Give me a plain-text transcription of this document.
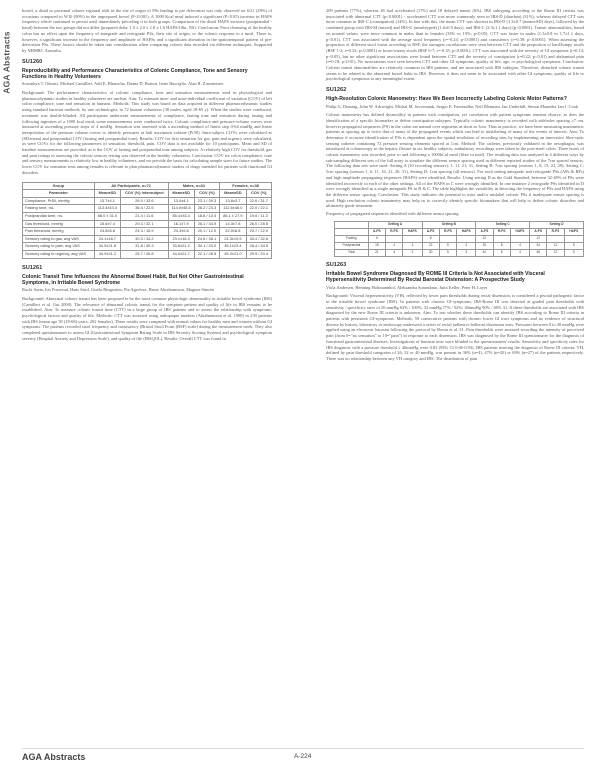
AGA Abstracts

bowel, a distal to proximal colonic regional shift in the site of origin of PSs leading to pre defecation was only observed on 6/21 (28%) of occasions compared to W10 (90%) in the unprepared bowel (P<0.001). A 1000 Kcal meal induced a significant (P<0.05) increase in HAPS frequency which continued to persist until immediately preceding it in both groups. Comparison of the distal HAPS increase (postprandial - basal) between the two groups did not differ (prepared delta: 1.9 ± 2.0 v 2.8 ± 1.6 HAPS/10hr, NS). Conclusion: Prior cleansing of the healthy colon has no effect upon the frequency of antegrade and retrograde PSs, their site of origin, or the colonic response to a meal. There is, however, a significant increase in the frequency and amplitude of HAPSs and a significant alteration in the spatiotemporal pattern of pre-defecation PSs. These factors should be taken into consideration when comparing colonic data recorded via different techniques. Supported by NHMRC Australia.

SU1260
Reproducibility and Performance Characteristics of Colonic Compliance, Tone and Sensory Functions in Healthy Volunteers
Sowmhya T. Odunsi, Michael Camilleri, Adil E. Bharucha, Duane D. Burton, Irene Busciglio, Alan R. Zinsmeister

Background: The performance characteristics of colonic compliance, tone and sensation measurements used in physiological and pharmacodynamic studies in healthy volunteers are unclear. Aim: To estimate inter- and intra-individual coefficient of variation (COV) of left colon compliance, tone and sensation in humans. Methods: This study was based on data acquired in different pharmacodynamic studies using standard barostat methods, by one technologist, in 72 human volunteers (38 males, aged 18-65 y). When the studies were conducted, treatment was double-blinded. All participants underwent measurements of compliance, fasting tone and sensation during fasting and following ingestion of a 1000 kcal meal; some measurements were conducted twice. Colonic compliance and pressure-volume curves were measured at ascending pressure steps of 4 mmHg. Sensation was assessed with a ascending method of limits step 0-64 mmHg and linear interpolation of the pressure volume curves to identify pressures at half maximum volume (Pr50). Intra-subject COVs were calculated as (SD/mean) and postprandial COV (fasting and postprandial tone). Results: COV for first sensation for gas, pain and urgency were calculated, as were COVs for the following parameters of sensation: threshold, pain, COV data is not available for 10 participants. Mean and SD of baseline measurements are provided, as is the COV of fasting and postprandial tone among subjects. A relatively high COV for threshold, gas and pain ratings in assessing the colonic sensory testing was observed in the healthy volunteers. Conclusion: COV for colon compliance, tone and sensory measurements is relatively low in healthy volunteers, and we provide the basis for calculating sample sizes for future studies. The lower COV for sensation tests among females is relevant to plan pharmacodynamic studies of drugs intended for patients with functional GI disorders.

Group	All Participants, n=72		Males, n=34		Females, n=38	
Parameter	Mean±SD	COV (%) intersubject	Mean±SD	COV (%)	Mean±SD	COV (%)
Compliance, Pr50, mmHg	13.7±4.1	26.0 / 33.6	13.4±4.1	23.1 / 39.3	13.6±3.7	22.6 / 31.7
Fasting tone, mL	113.4±43.4	36.4 / 22.5	114.0±45.5	28.2 / 23.3	112.6±46.0	22.0 / 22.1
Postprandial tone, mL	86.0 ± 31.0	21.4 / 11.6	85.4±33.4	18.8 / 13.4	86.1 ± 27.9	19.6 / 11.3
Gas threshold, mmHg	15.6±7.4	29.3 / 32.1	16.1±7.9	26.1 / 34.9	14.3±7.8	26.0 / 28.5
Pain threshold, mmHg	24.8±8.8	24.3 / 15.9	24.3±9.8	20.1 / 12.0	22.0±8.8	23.7 / 22.0
Sensory rating to gas, avg VAS	24.1±18.7	30.3 / 34.2	23.1±16.3	24.6 / 36.1	24.3±19.5	33.4 / 32.6
Sensory rating to pain, avg VAS	34.5±21.8	31.8 / 35.3	33.8±21.2	34.1 / 33.0	35.1±23.4	28.4 / 34.5
Sensory rating to urgency, avg VAS	44.9±21.2	25.7 / 26.8	44.5±21.7	22.1 / 28.5	45.3±21.0	29.9 / 20.4
SU1261
Colonic Transit Time Influences the Abnormal Bowel Habit, But Not Other Gastrointestinal Symptoms, in Irritable Bowel Syndrome
Ruchi Sarin, Iris Posserud, Hans Strid, Gisela Ringström, Pia Agerforz, Hasse Abrahamsson, Magnus Simrén

Background: Abnormal colonic transit has been proposed to be the most common physiologic abnormality in irritable bowel syndrome (IBS) (Camilleri et al. Gut 2008). The relevance of abnormal colonic transit for the symptom pattern and quality of life in IBS remains to be established. Aim: To measure colonic transit time (CTT) in a large group of IBS patients and to assess the relationship with symptoms, psychological factors and quality of life. Methods: CTT was assessed using radiopaque markers (Abrahamsson et al. 1988) in 239 patients with IBS (mean age 39 (18-68) years; 202 females). These results were compared with normal values for healthy men and women without GI symptoms. The patients recorded stool frequency and consistency (Bristol Stool Form (BSF) scale) during the measurement week. They also completed questionnaires to assess GI (Gastrointestinal Symptom Rating Scale in IBS Severity Scoring System) and psychological symptom severity (Hospital Anxiety and Depression Scale), and quality of life (IBSQOL). Results: Overall CTT was found in

209 patients (77%), whereas 46 had accelerated (17%) and 18 delayed transit (6%). IBS subtyping according to the Rome III criteria was associated with abnormal CTT (p<0.0001) - accelerated CTT was more commonly seen in IBS-D (diarrhea) (31%), whereas delayed CTT was more common in IBS-C (constipation) (14%). In line with this, the mean CTT was shortest in IBS-D (1.3±0.7 (mean±SD) days), followed by the combined group with IBS-M (mixed) and IBS-U (unsubtyped) (1.6±0.9 days), and IBS-C (2.3±1.1 days) (p<0.0001). Transit abnormalities, based on normal values, were more common in males than in females (33% vs 19%; p<0.05). CTT was faster in males (1.3±0.8 vs 1.7±1.1 days, p<0.01). CTT was associated with the average stool frequency (r=-0.24; p<0.0001) and consistency (r=0.39; p<0.0001). When assessing the proportion of different stool forms according to BSF, the strongest correlations were seen between CTT and the proportion of hard/lumpy stools (BSF 1-2; r=0.32; p<0.0001) or loose/watery stools (BSF 6-7; r=-0.35; p<0.0001). CTT was associated with the severity of GI symptoms (r=0.14; p<0.05), but no other significant associations were found between CTT and the severity of constipation (r=0.22; p<0.01) and abdominal pain (r=0.18; p<0.01). No associations were seen between CTT and other GI symptoms, quality of life, age, or psychological symptoms. Conclusion: Colonic transit abnormalities are relatively common in IBS patients, and are associated with IBS subtypes. Therefore, disturbed colonic transit seems to be related to the abnormal bowel habit in IBS. However, it does not seem to be associated with other GI symptoms, quality of life or psychological symptoms to any meaningful extent.

SU1262
High-Resolution Colonic Manometry: Have We Been Incorrectly Labeling Colonic Motor Patterns?
Philip G. Dinning, John W. Arkwright, Michal M. Szczesniak, Sergio E. Fuentealba, Neil Blenman, Ian Underhill, Simon Maunder, Ian J. Cook

Colonic manometry has defined dysmotility in patients with constipation, yet correlation with patient symptoms remains elusive, as does the identification of a specific biomarker to define constipation subtypes. Typically colonic manometry is recorded with sideholes spacing ≥7 cm, however propagated sequences (PS) in the colon are natural over segments as short as 3cm. Thus in practice, we have been measuring manometric patterns at spacing up to twice that of many of the propagated events which can lead to mislabeling of many of the events of interest. Aim: To determine if accurate identification of PSs is dependent upon the spatial-resolution of recording sites by implementing an innovative fibre-optic sensing catheter containing 72 pressure sensing elements spaced at 1cm. Method: The catheter, previously validated in the oesophagus, was introduced at colonoscopy to the hepatic flexure in six healthy subjects; ambulatory recordings were taken in the post-meal colon. Three hours of colonic manometry was recorded, prior to and following a 1000kCal meal (fibre in total). The resulting data was analyzed in 4 different ways by sub-sampling different sets of the full array to simulate the different sensor spacing used in different reported studies of the 7cm spaced sensors. The following data sets were used: Setting A (10 recording sensors): 1, 11, 21, 31, Setting B: 7cm spacing (sensors 1, 8, 15, 22, 29), Setting C: 5cm spacing (sensors 1, 6, 11, 16, 21, 26, 31), Setting D: 1cm spacing (all sensors). For each setting antegrade and retrograde PSs (APs & RPs) and high amplitude propagating sequences (HAPS) were identified. Results: Using setting D as the Gold Standard, between 32-48% of PSs were identified incorrectly in each of the other settings. All of the HAPS in C were wrongly identified. In one instance 2 retrograde PSs identified in D were wrongly identified as a single antegrade PS in B & C. The table highlights the variability in detecting the frequency of PSs and HAPS using the different sensor spacing. Conclusion: This study indicates the potential to miss and/or mislabel colonic PSs if inadequate sensor spacing is used. High resolution colonic manometry may help us to correctly identify specific biomarkers that will help to define colonic disorders and ultimately guide treatment.

Frequency of propagated sequences identified with different sensor spacing

	Setting A			Setting B			Setting C			Setting D		
	A-PS	R-PS	HAPS	A-PS	R-PS	HAPS	A-PS	R-PS	HAPS	A-PS	R-PS	HAPS
Fasting	6			8			12			12		
Postprandial	15	4	3	22	5	3	30	8	4	34	12	5
Total	21	4	3	30	5	3	42	8	4	46	12	5
SU1263
Irritable Bowel Syndrome Diagnosed By ROME III Criteria Is Not Associated with Visceral Hypersensitivity Determined By Rectal Barostat Distension: A Prospective Study
Viola Andresen, Henning Holtmannhof, Aleksandra Sorundano, Jutta Keller, Peter H. Layer

Background: Visceral hypersensitivity (VH), reflected by lower pain thresholds during rectal distension, is considered a pivotal pathogenic factor in the irritable bowel syndrome (IBS). In patients with chronic GI-symptoms, IBS-Rome III was detected at graded pain thresholds with sensitivity / specificity rates of 26 mmHg 63% / 100%; 32 mmHg 77% / 92%; 40mmHg 90% / 60% 31. If these thresholds are associated with IBS diagnosed by the new Rome III criteria is unknown. Aim: To test whether these thresholds can identify IBS according to Rome III criteria in patients with persistent GI-symptoms. Methods: 59 consecutive patients with chronic lower GI tract symptoms and no evidence of structural disease by history, laboratory or endoscopy underwent a series of rectal (adhesive balloon) distension tests. Pressures between 0 to 48 mmHg were applied using an electronic barostat following the protocol by Bouin et al. 31. Pain thresholds were assessed recording the intensity of perceived pain (from 0="no sensation" to 10="pain") in response to each distension. IBS was diagnosed by the Rome III questionnaire for the diagnosis of functional gastrointestinal diseases. Investigations of barostat tests were blinded to the questionnaires' results. Sensitivity and specificity rates for IBS diagnosis with a pressure threshold ≤ 40mmHg were 0.83 (95% CI 0.66-0.93). IBS patients meeting the diagnosis of Rome III criteria: VH, defined by pain threshold categories of 26, 32 or 40 mmHg, was present in 36% (n=4), 47% (n=20) or 69% (n=27) of the patients respectively. There was no relationship between any VH category and IBS. The distribution of pain

AGA Abstracts	A-224
